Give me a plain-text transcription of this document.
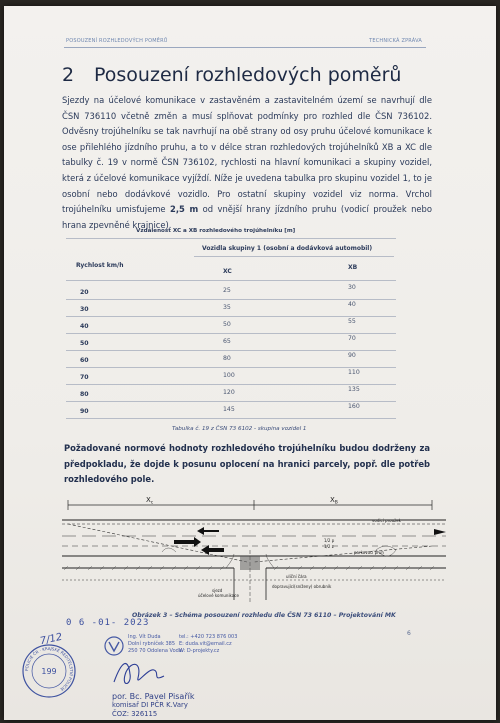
POSOUZENÍ ROZHLEDOVÝCH POMĚRŮ	TECHNICKÁ ZPRÁVA
2 Posouzení rozhledových poměrů
Sjezdy na účelové komunikace v zastavěném a zastavitelném území se navrhují dle ČSN 736110 včetně změn a musí splňovat podmínky pro rozhled dle ČSN 736102. Odvěsny trojúhelníku se tak navrhují na obě strany od osy pruhu účelové komunikace k ose přilehlého jízdního pruhu, a to v délce stran rozhledových trojúhelníků XB a XC dle tabulky č. 19 v normě ČSN 736102, rychlosti na hlavní komunikaci a skupiny vozidel, která z účelové komunikace vyjíždí. Níže je uvedena tabulka pro skupinu vozidel 1, to je osobní nebo dodávkové vozidlo. Pro ostatní skupiny vozidel viz norma. Vrchol trojúhelníku umisťujeme 2,5 m od vnější hrany jízdního pruhu (vodicí proužek nebo hrana zpevněné krajnice).
Vzdálenost XC a XB rozhledového trojúhelníku [m]
Vozidla skupiny 1 (osobní a dodávková automobil)
Rychlost km/h
XC
XB
20	25	30
30	35	40
40	50	55
50	65	70
60	80	90
70	100	110
80	120	135
90	145	160
Tabulka č. 19 z ČSN 73 6102 - skupina vozidel 1
Požadované normové hodnoty rozhledového trojúhelníku budou dodrženy za předpokladu, že dojde k posunu oplocení na hranici parcely, popř. dle potřeb rozhledového pole.
$X_c$	$X_B$
vodicí proužek
1/2 p
1/2 z
parkovací pruh
uliční čára
sjezd
účelové komunikace
dopravující(sníženy) obrubník
Obrázek 3 – Schéma posouzení rozhledu dle ČSN 73 6110 – Projektování MK
6
0 6 -01- 2023
7/12
POLICIE ČR · KRAJSKÉ ŘEDITELSTVÍ POLICIE
199
Ing. Vít Duda
Dolní rybníček 385
250 70 Odolena Voda
tel.: +420 723 876 003
E: duda.vit@email.cz
W: D-projekty.cz
por. Bc. Pavel Pisařík
komisař DI PČR K.Vary
ČOZ: 326115
